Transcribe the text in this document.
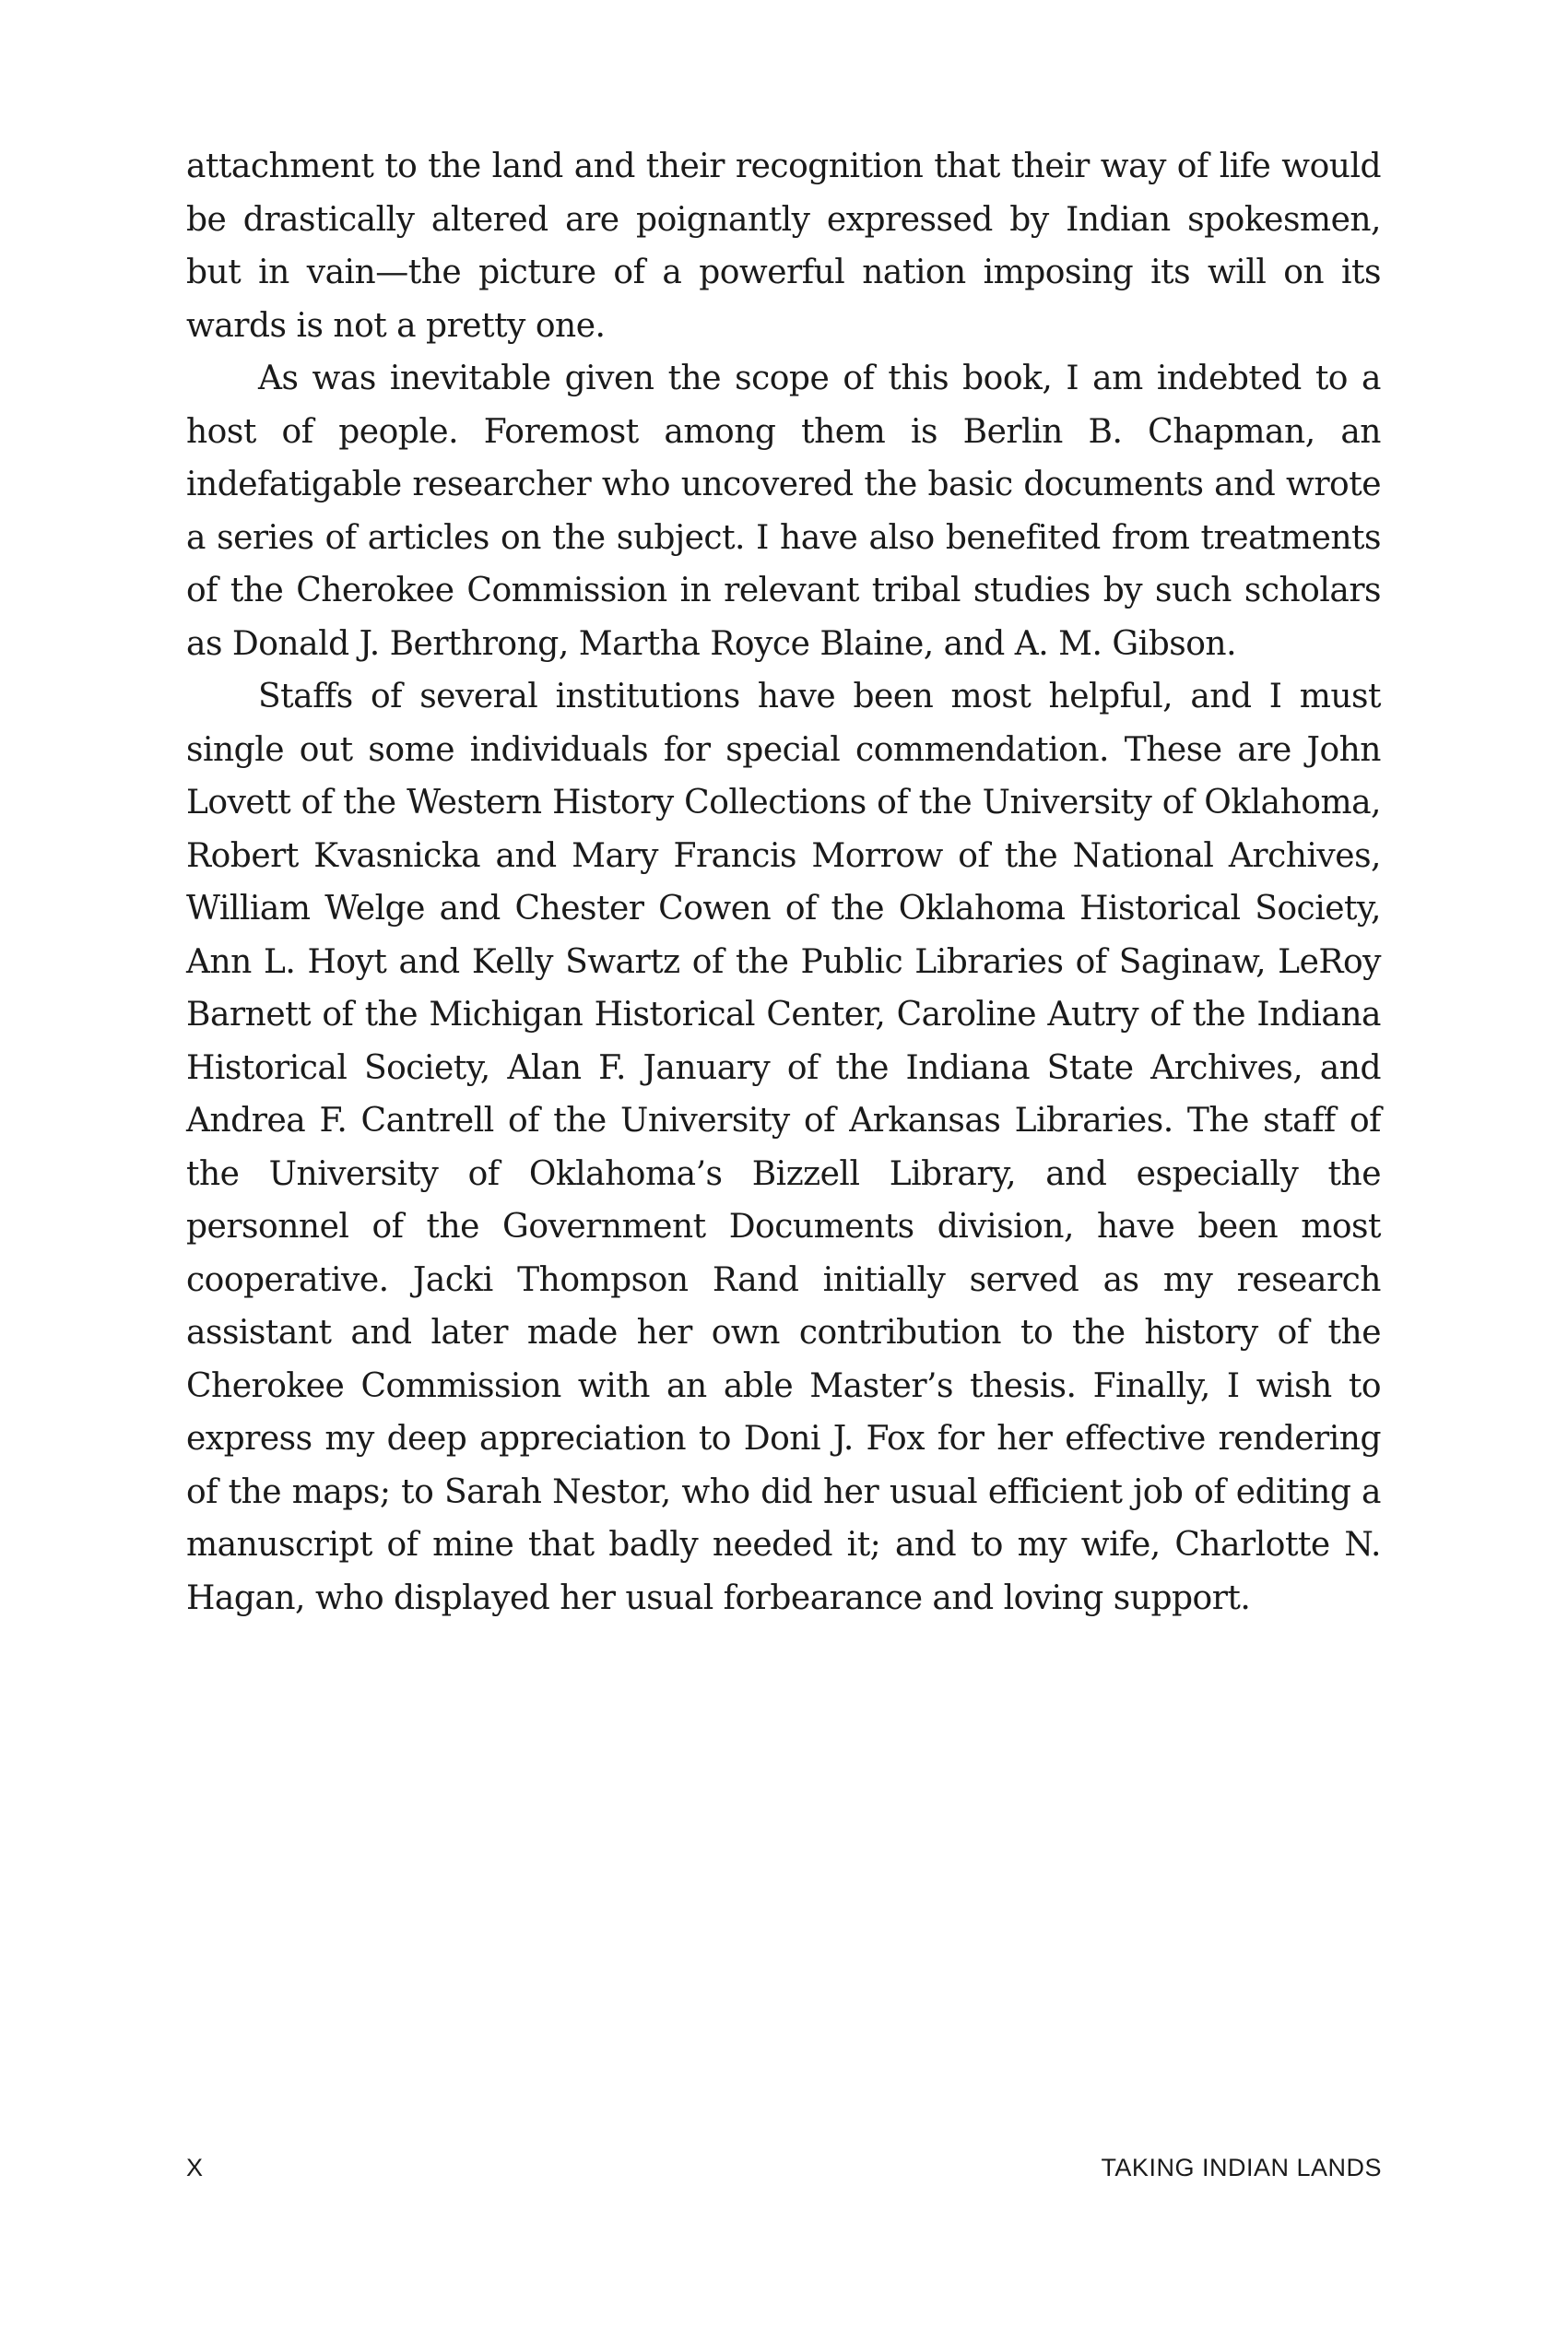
attachment to the land and their recognition that their way of life would be drastically altered are poignantly expressed by Indian spokesmen, but in vain—the picture of a powerful nation imposing its will on its wards is not a pretty one.

As was inevitable given the scope of this book, I am indebted to a host of people. Foremost among them is Berlin B. Chapman, an indefatigable researcher who uncovered the basic documents and wrote a series of articles on the subject. I have also benefited from treatments of the Cherokee Commission in relevant tribal studies by such scholars as Donald J. Berthrong, Martha Royce Blaine, and A. M. Gibson.

Staffs of several institutions have been most helpful, and I must single out some individuals for special commendation. These are John Lovett of the Western History Collections of the University of Oklahoma, Robert Kvasnicka and Mary Francis Morrow of the National Archives, William Welge and Chester Cowen of the Oklahoma Historical Society, Ann L. Hoyt and Kelly Swartz of the Public Libraries of Saginaw, LeRoy Barnett of the Michigan Historical Center, Caroline Autry of the Indiana Historical Society, Alan F. January of the Indiana State Archives, and Andrea F. Cantrell of the University of Arkansas Libraries. The staff of the University of Oklahoma’s Bizzell Library, and especially the personnel of the Government Documents division, have been most cooperative. Jacki Thompson Rand initially served as my research assistant and later made her own contribution to the history of the Cherokee Commission with an able Master’s thesis. Finally, I wish to express my deep appreciation to Doni J. Fox for her effective rendering of the maps; to Sarah Nestor, who did her usual efficient job of editing a manuscript of mine that badly needed it; and to my wife, Charlotte N. Hagan, who displayed her usual forbearance and loving support.

X	TAKING INDIAN LANDS
